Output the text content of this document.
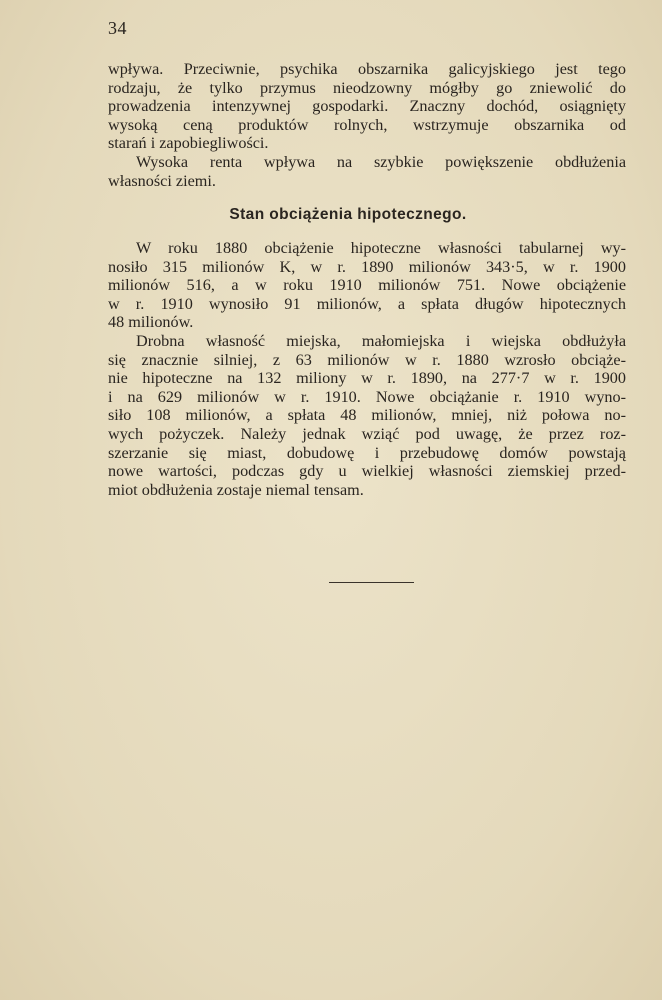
34
wpływa. Przeciwnie, psychika obszarnika galicyjskiego jest tego
rodzaju, że tylko przymus nieodzowny mógłby go zniewolić do
prowadzenia intenzywnej gospodarki. Znaczny dochód, osiągnięty
wysoką ceną produktów rolnych, wstrzymuje obszarnika od
starań i zapobiegliwości.
Wysoka renta wpływa na szybkie powiększenie obdłużenia
własności ziemi.
Stan obciążenia hipotecznego.
W roku 1880 obciążenie hipoteczne własności tabularnej wy-
nosiło 315 milionów K, w r. 1890 milionów 343·5, w r. 1900
milionów 516, a w roku 1910 milionów 751. Nowe obciążenie
w r. 1910 wynosiło 91 milionów, a spłata długów hipotecznych
48 milionów.
Drobna własność miejska, małomiejska i wiejska obdłużyła
się znacznie silniej, z 63 milionów w r. 1880 wzrosło obciąże-
nie hipoteczne na 132 miliony w r. 1890, na 277·7 w r. 1900
i na 629 milionów w r. 1910. Nowe obciążanie r. 1910 wyno-
siło 108 milionów, a spłata 48 milionów, mniej, niż połowa no-
wych pożyczek. Należy jednak wziąć pod uwagę, że przez roz-
szerzanie się miast, dobudowę i przebudowę domów powstają
nowe wartości, podczas gdy u wielkiej własności ziemskiej przed-
miot obdłużenia zostaje niemal tensam.
